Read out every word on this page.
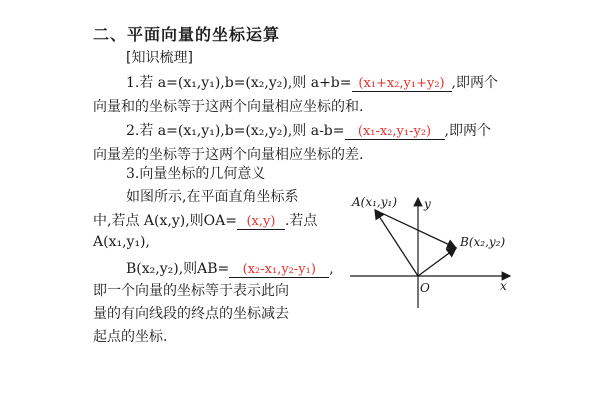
二、平面向量的坐标运算
[知识梳理]
1.若 a=(x₁,y₁),b=(x₂,y₂),则 a+b= (x₁+x₂,y₁+y₂) ,即两个
向量和的坐标等于这两个向量相应坐标的和.
2.若 a=(x₁,y₁),b=(x₂,y₂),则 a-b= (x₁-x₂,y₁-y₂) ,即两个
向量差的坐标等于这两个向量相应坐标的差.
3.向量坐标的几何意义
如图所示,在平面直角坐标系
中,若点 A(x,y),则OA= (x,y) .若点
A(x₁,y₁),
B(x₂,y₂),则AB= (x₂-x₁,y₂-y₁) ,
即一个向量的坐标等于表示此向
量的有向线段的终点的坐标减去
起点的坐标.
A(x₁,y₁)
B(x₂,y₂)
y
x
O
